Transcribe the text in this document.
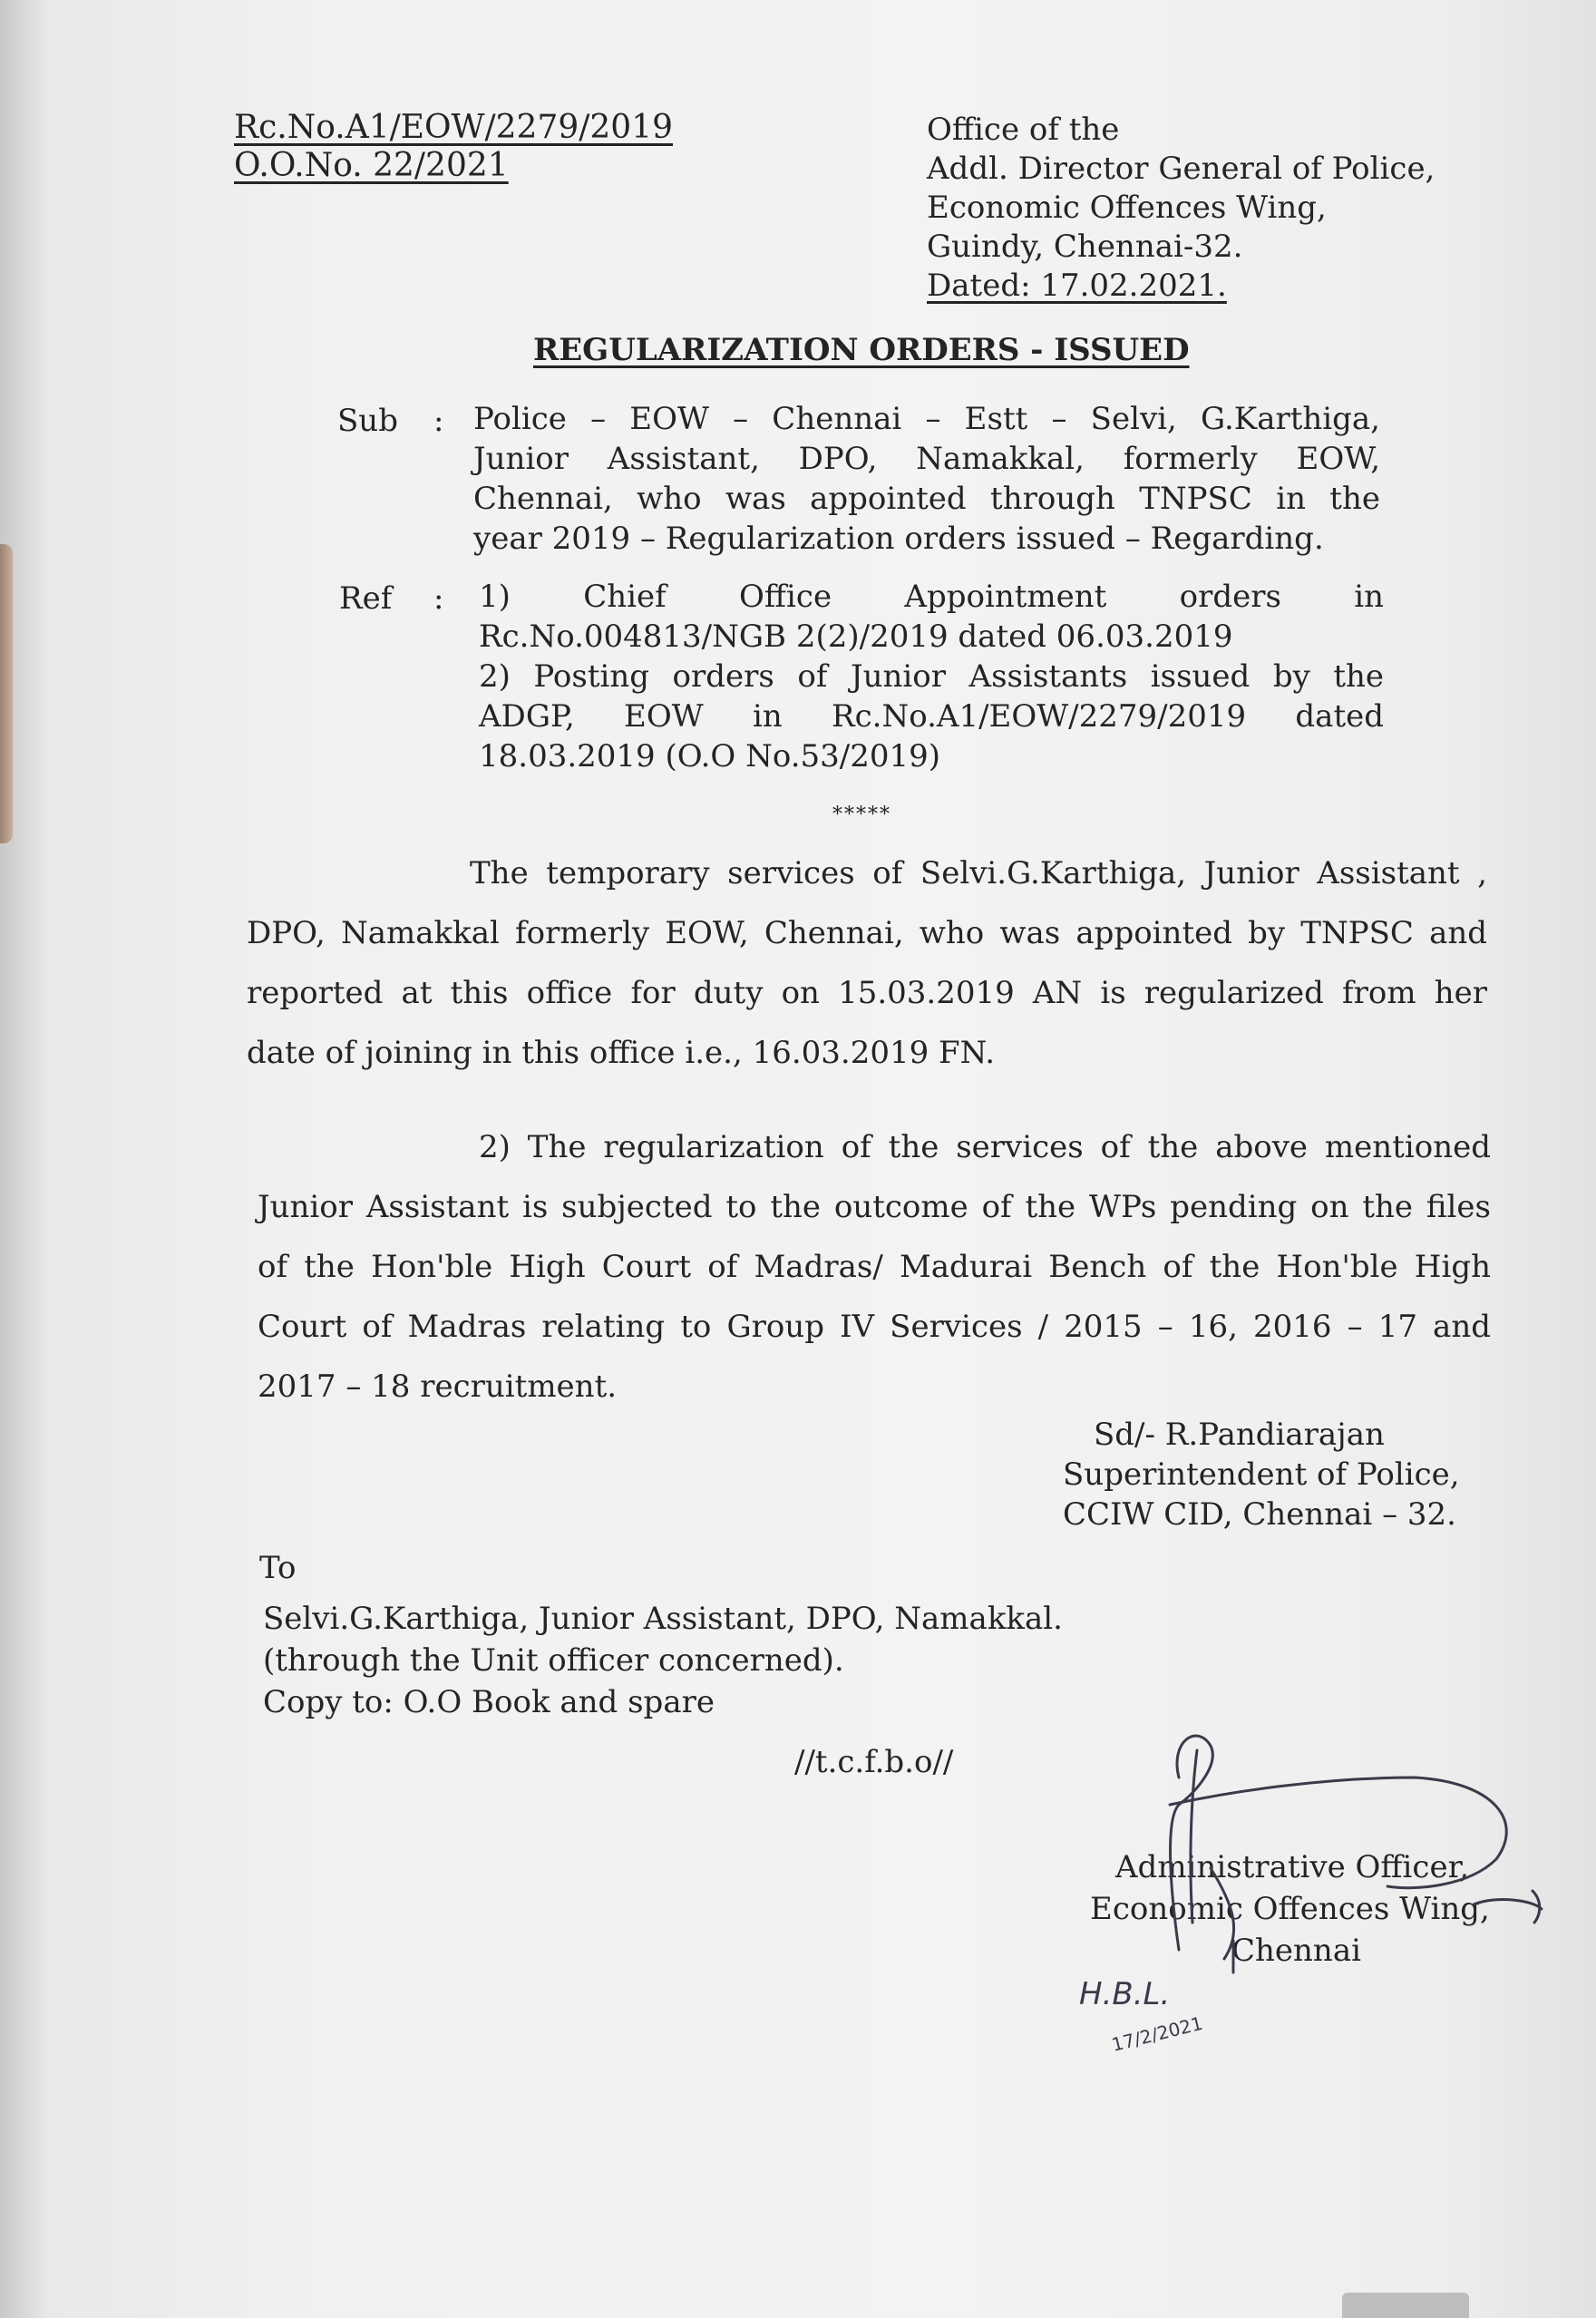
Rc.No.A1/EOW/2279/2019
O.O.No. 22/2021
Office of the
Addl. Director General of Police,
Economic Offences Wing,
Guindy, Chennai-32.
Dated: 17.02.2021.
REGULARIZATION ORDERS - ISSUED
Sub : Police – EOW – Chennai – Estt – Selvi, G.Karthiga,
Junior Assistant, DPO, Namakkal, formerly EOW,
Chennai, who was appointed through TNPSC in the
year 2019 – Regularization orders issued – Regarding.
Ref : 1) Chief Office Appointment orders in
Rc.No.004813/NGB 2(2)/2019 dated 06.03.2019
2) Posting orders of Junior Assistants issued by the
ADGP, EOW in Rc.No.A1/EOW/2279/2019 dated
18.03.2019 (O.O No.53/2019)
*****
The temporary services of Selvi.G.Karthiga, Junior Assistant ,
DPO, Namakkal formerly EOW, Chennai, who was appointed by TNPSC and
reported at this office for duty on 15.03.2019 AN is regularized from her
date of joining in this office i.e., 16.03.2019 FN.
2) The regularization of the services of the above mentioned
Junior Assistant is subjected to the outcome of the WPs pending on the files
of the Hon'ble High Court of Madras/ Madurai Bench of the Hon'ble High
Court of Madras relating to Group IV Services / 2015 – 16, 2016 – 17 and
2017 – 18 recruitment.
Sd/- R.Pandiarajan
Superintendent of Police,
CCIW CID, Chennai – 32.
To
Selvi.G.Karthiga, Junior Assistant, DPO, Namakkal.
(through the Unit officer concerned).
Copy to: O.O Book and spare
//t.c.f.b.o//
Administrative Officer,
Economic Offences Wing,
Chennai
H.B.L.
17/2/2021
